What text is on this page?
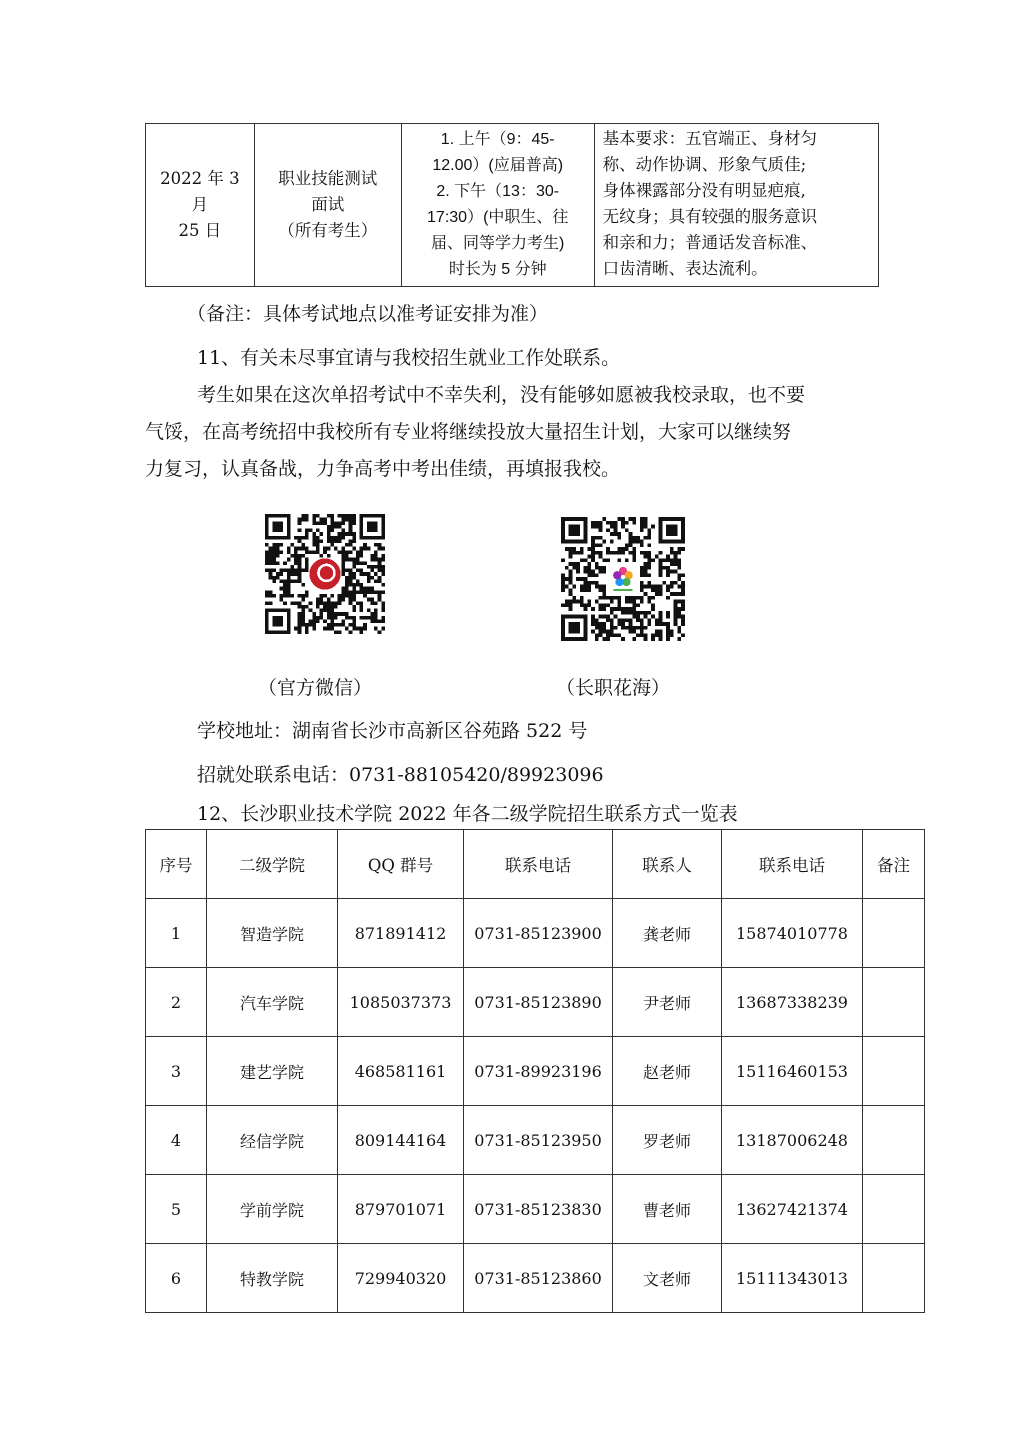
2022 年 3
月
25 日

职业技能测试
面试
（所有考生）

1. 上午（9：45-
12.00）(应届普高)
2. 下午（13：30-
17:30）(中职生、往
届、同等学力考生)
时长为 5 分钟

基本要求：五官端正、身材匀
称、动作协调、形象气质佳;
身体裸露部分没有明显疤痕,
无纹身；具有较强的服务意识
和亲和力；普通话发音标准、
口齿清晰、表达流利。
（备注：具体考试地点以准考证安排为准）
11、有关未尽事宜请与我校招生就业工作处联系。
考生如果在这次单招考试中不幸失利，没有能够如愿被我校录取，也不要
气馁，在高考统招中我校所有专业将继续投放大量招生计划，大家可以继续努
力复习，认真备战，力争高考中考出佳绩，再填报我校。
（官方微信）	（长职花海）
学校地址：湖南省长沙市高新区谷苑路 522 号
招就处联系电话：0731-88105420/89923096
12、长沙职业技术学院 2022 年各二级学院招生联系方式一览表
序号	二级学院	QQ 群号	联系电话	联系人	联系电话	备注
1	智造学院	871891412	0731-85123900	龚老师	15874010778	
2	汽车学院	1085037373	0731-85123890	尹老师	13687338239	
3	建艺学院	468581161	0731-89923196	赵老师	15116460153	
4	经信学院	809144164	0731-85123950	罗老师	13187006248	
5	学前学院	879701071	0731-85123830	曹老师	13627421374	
6	特教学院	729940320	0731-85123860	文老师	15111343013	
